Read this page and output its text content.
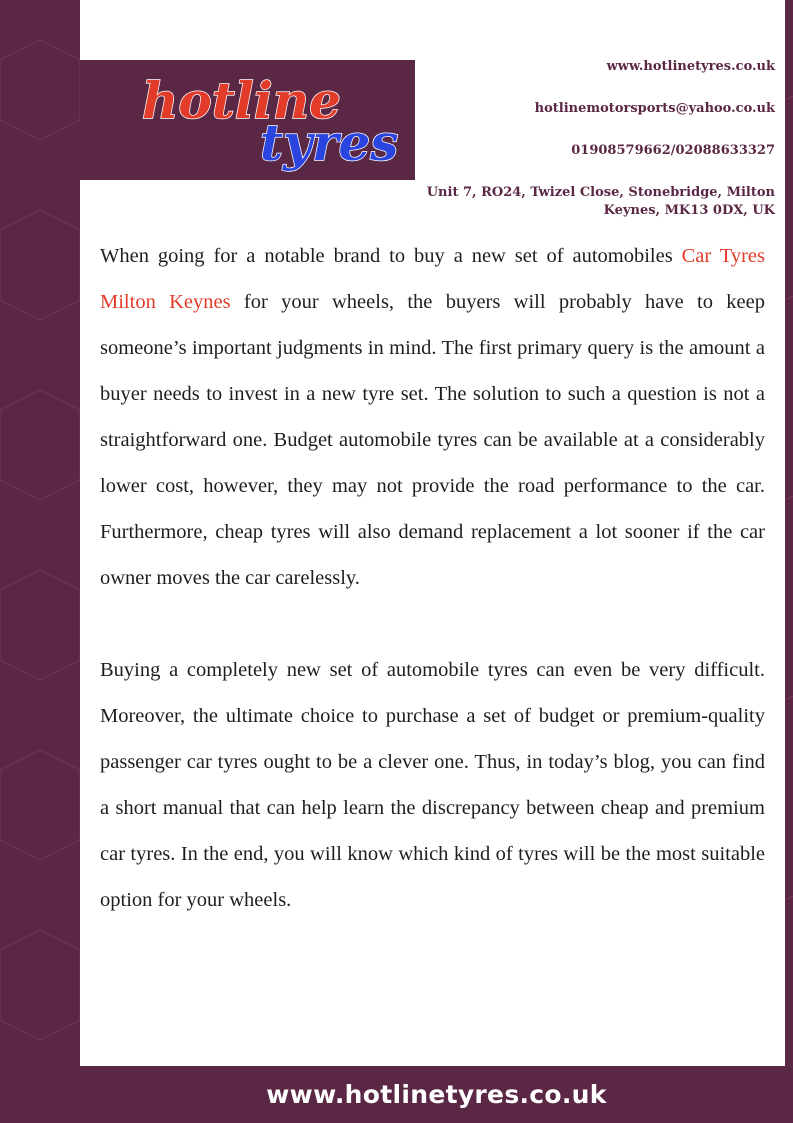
hotline
tyres
www.hotlinetyres.co.uk
hotlinemotorsports@yahoo.co.uk
01908579662/02088633327
Unit 7, RO24, Twizel Close, Stonebridge, Milton Keynes, MK13 0DX, UK

When going for a notable brand to buy a new set of automobiles Car Tyres Milton Keynes for your wheels, the buyers will probably have to keep someone’s important judgments in mind. The first primary query is the amount a buyer needs to invest in a new tyre set. The solution to such a question is not a straightforward one. Budget automobile tyres can be available at a considerably lower cost, however, they may not provide the road performance to the car. Furthermore, cheap tyres will also demand replacement a lot sooner if the car owner moves the car carelessly.

Buying a completely new set of automobile tyres can even be very difficult. Moreover, the ultimate choice to purchase a set of budget or premium-quality passenger car tyres ought to be a clever one. Thus, in today’s blog, you can find a short manual that can help learn the discrepancy between cheap and premium car tyres. In the end, you will know which kind of tyres will be the most suitable option for your wheels.

www.hotlinetyres.co.uk
